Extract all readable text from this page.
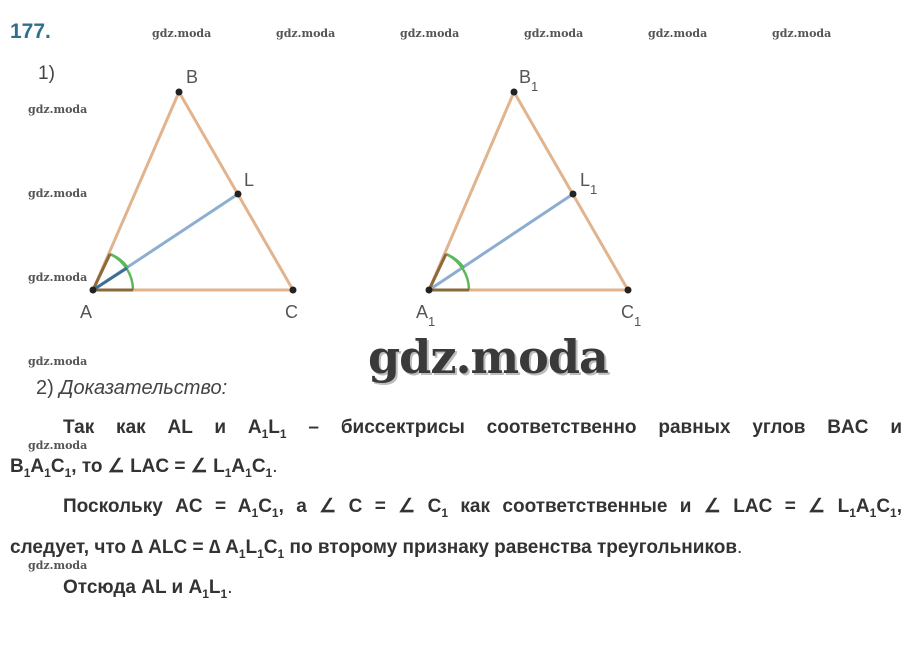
177.	gdz.moda	gdz.moda	gdz.moda	gdz.moda	gdz.moda	gdz.moda
gdz.moda
gdz.moda
gdz.moda
gdz.moda
gdz.moda
gdz.moda
1)
A
B
C
L
$A_1$
$B_1$
$C_1$
$L_1$
gdz.moda
2) Доказательство:
Так как AL и $A_1L_1$ – биссектрисы соответственно равных углов BAC и
$B_1A_1C_1$, то ∠ LAC = ∠ $L_1A_1C_1$.
Поскольку AC = $A_1C_1$, а ∠ C = ∠ $C_1$ как соответственные и ∠ LAC = ∠ $L_1A_1C_1$,
следует, что ∆ ALC = ∆ $A_1L_1C_1$ по второму признаку равенства треугольников.
Отсюда AL и $A_1L_1$.
